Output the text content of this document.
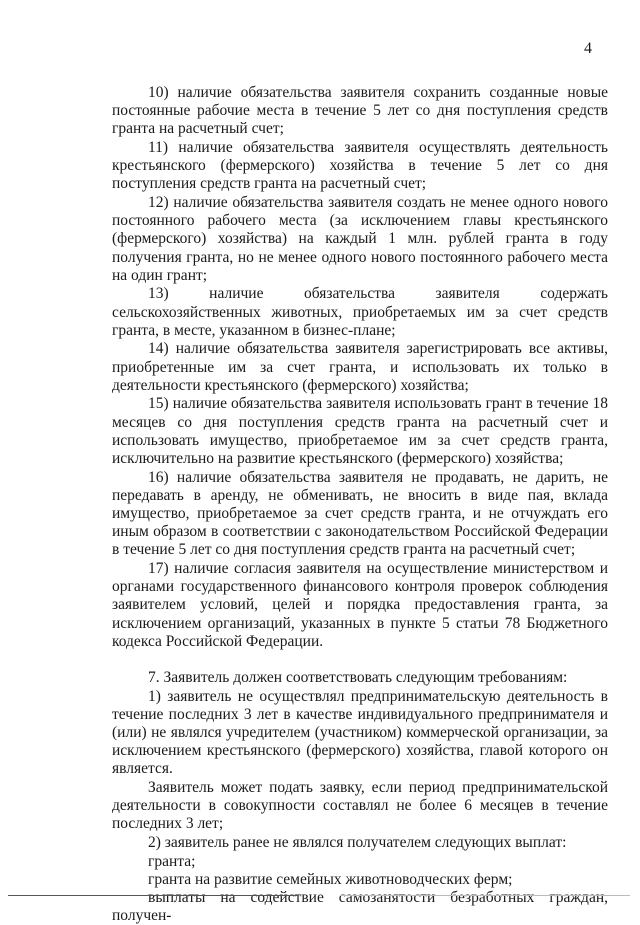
4

10) наличие обязательства заявителя сохранить созданные новые постоянные рабочие места в течение 5 лет со дня поступления средств гранта на расчетный счет;

11) наличие обязательства заявителя осуществлять деятельность крестьянского (фермерского) хозяйства в течение 5 лет со дня поступления средств гранта на расчетный счет;

12) наличие обязательства заявителя создать не менее одного нового постоянного рабочего места (за исключением главы крестьянского (фермерского) хозяйства) на каждый 1 млн. рублей гранта в году получения гранта, но не менее одного нового постоянного рабочего места на один грант;

13) наличие обязательства заявителя содержать сельскохозяйственных животных, приобретаемых им за счет средств гранта, в месте, указанном в бизнес-плане;

14) наличие обязательства заявителя зарегистрировать все активы, приобретенные им за счет гранта, и использовать их только в деятельности крестьянского (фермерского) хозяйства;

15) наличие обязательства заявителя использовать грант в течение 18 месяцев со дня поступления средств гранта на расчетный счет и использовать имущество, приобретаемое им за счет средств гранта, исключительно на развитие крестьянского (фермерского) хозяйства;

16) наличие обязательства заявителя не продавать, не дарить, не передавать в аренду, не обменивать, не вносить в виде пая, вклада имущество, приобретаемое за счет средств гранта, и не отчуждать его иным образом в соответствии с законодательством Российской Федерации в течение 5 лет со дня поступления средств гранта на расчетный счет;

17) наличие согласия заявителя на осуществление министерством и органами государственного финансового контроля проверок соблюдения заявителем условий, целей и порядка предоставления гранта, за исключением организаций, указанных в пункте 5 статьи 78 Бюджетного кодекса Российской Федерации.

7. Заявитель должен соответствовать следующим требованиям:

1) заявитель не осуществлял предпринимательскую деятельность в течение последних 3 лет в качестве индивидуального предпринимателя и (или) не являлся учредителем (участником) коммерческой организации, за исключением крестьянского (фермерского) хозяйства, главой которого он является.

Заявитель может подать заявку, если период предпринимательской деятельности в совокупности составлял не более 6 месяцев в течение последних 3 лет;

2) заявитель ранее не являлся получателем следующих выплат:

гранта;

гранта на развитие семейных животноводческих ферм;

выплаты на содействие самозанятости безработных граждан, получен-
